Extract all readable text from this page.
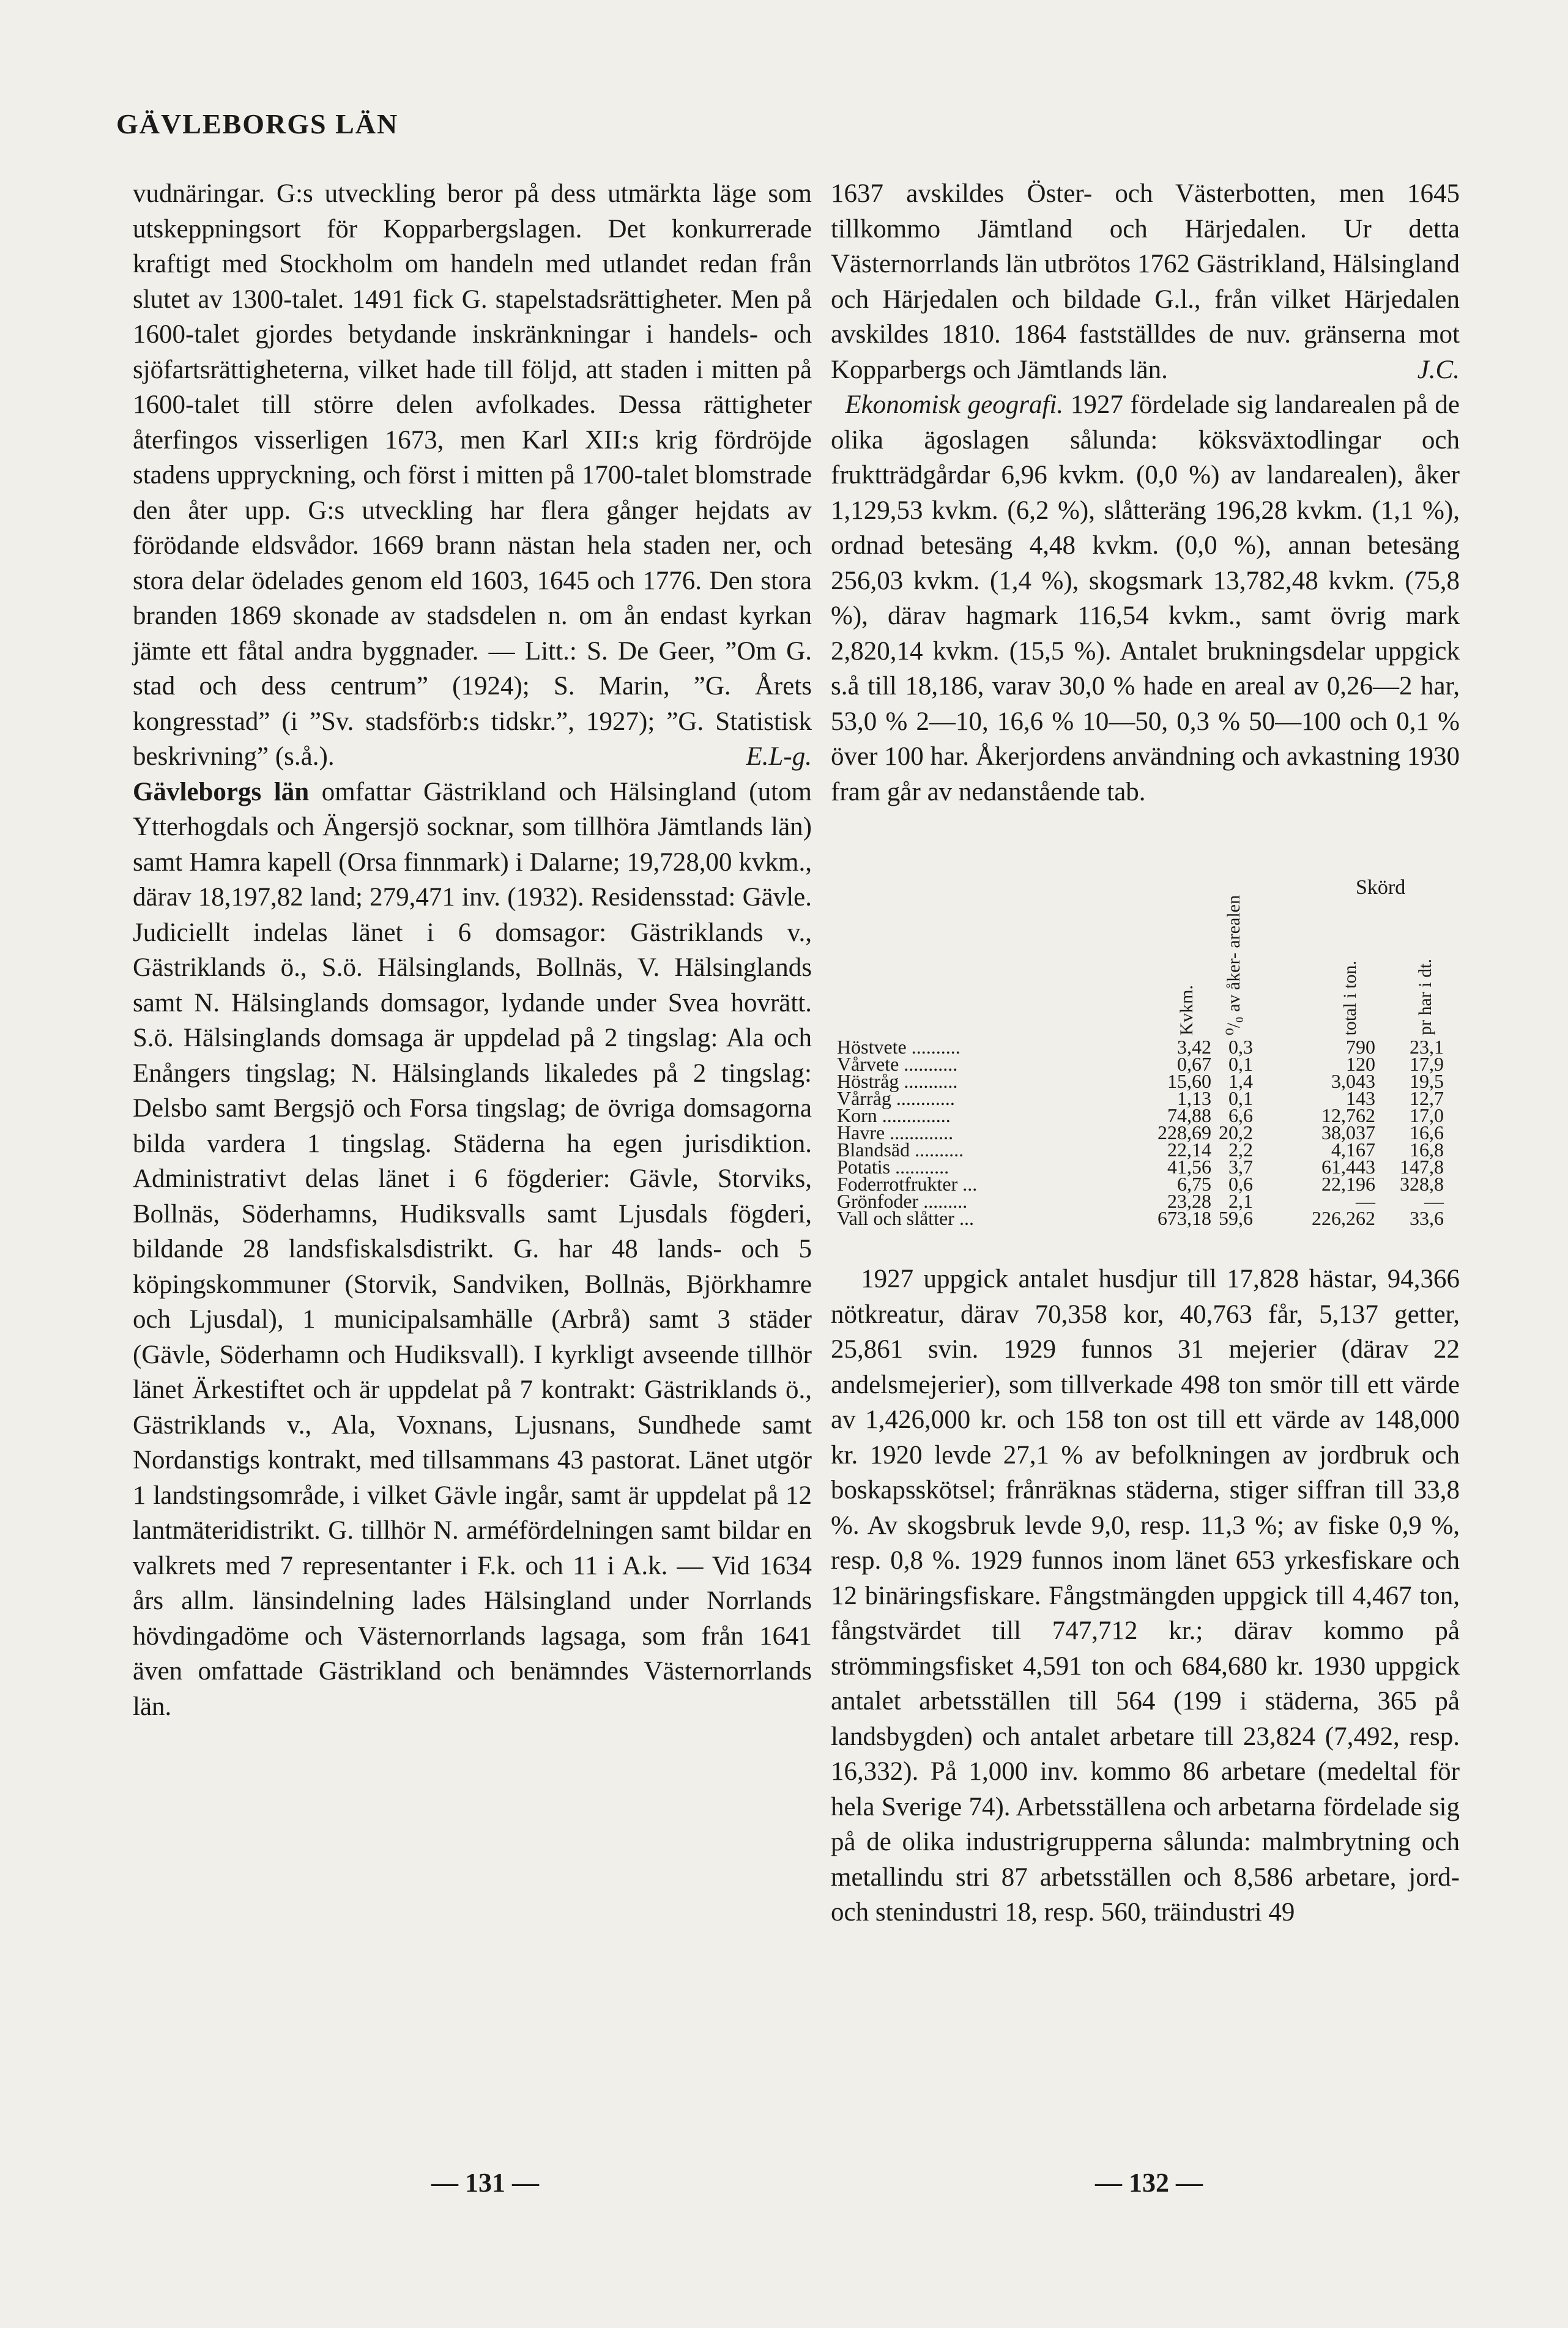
GÄVLEBORGS LÄN

vudnäringar. G:s utveckling beror på dess utmärkta läge som utskeppningsort för Kopparbergslagen. Det konkurrerade kraftigt med Stockholm om handeln med utlandet redan från slutet av 1300-talet. 1491 fick G. stapelstadsrättigheter. Men på 1600-talet gjordes betydande inskränkningar i handels- och sjöfartsrättigheterna, vilket hade till följd, att staden i mitten på 1600-talet till större delen avfolkades. Dessa rättigheter återfingos visserligen 1673, men Karl XII:s krig fördröjde stadens uppryckning, och först i mitten på 1700-talet blomstrade den åter upp. G:s utveckling har flera gånger hejdats av förödande eldsvådor. 1669 brann nästan hela staden ner, och stora delar ödelades genom eld 1603, 1645 och 1776. Den stora branden 1869 skonade av stadsdelen n. om ån endast kyrkan jämte ett fåtal andra byggnader. — Litt.: S. De Geer, ”Om G. stad och dess centrum” (1924); S. Marin, ”G. Årets kongresstad” (i ”Sv. stadsförb:s tidskr.”, 1927); ”G. Statistisk beskrivning” (s.å.).	E.L-g.

Gävleborgs län omfattar Gästrikland och Hälsingland (utom Ytterhogdals och Ängersjö socknar, som tillhöra Jämtlands län) samt Hamra kapell (Orsa finnmark) i Dalarne; 19,728,00 kvkm., därav 18,197,82 land; 279,471 inv. (1932). Residensstad: Gävle. Judiciellt indelas länet i 6 domsagor: Gästriklands v., Gästriklands ö., S.ö. Hälsinglands, Bollnäs, V. Hälsinglands samt N. Hälsinglands domsagor, lydande under Svea hovrätt. S.ö. Hälsinglands domsaga är uppdelad på 2 tingslag: Ala och Enångers tingslag; N. Hälsinglands likaledes på 2 tingslag: Delsbo samt Bergsjö och Forsa tingslag; de övriga domsagorna bilda vardera 1 tingslag. Städerna ha egen jurisdiktion. Administrativt delas länet i 6 fögderier: Gävle, Storviks, Bollnäs, Söderhamns, Hudiksvalls samt Ljusdals fögderi, bildande 28 landsfiskalsdistrikt. G. har 48 lands- och 5 köpingskommuner (Storvik, Sandviken, Bollnäs, Björkhamre och Ljusdal), 1 municipalsamhälle (Arbrå) samt 3 städer (Gävle, Söderhamn och Hudiksvall). I kyrkligt avseende tillhör länet Ärkestiftet och är uppdelat på 7 kontrakt: Gästriklands ö., Gästriklands v., Ala, Voxnans, Ljusnans, Sundhede samt Nordanstigs kontrakt, med tillsammans 43 pastorat. Länet utgör 1 landstingsområde, i vilket Gävle ingår, samt är uppdelat på 12 lantmäteridistrikt. G. tillhör N. arméfördelningen samt bildar en valkrets med 7 representanter i F.k. och 11 i A.k. — Vid 1634 års allm. länsindelning lades Hälsingland under Norrlands hövdingadöme och Västernorrlands lagsaga, som från 1641 även omfattade Gästrikland och benämndes Västernorrlands län.

1637 avskildes Öster- och Västerbotten, men 1645 tillkommo Jämtland och Härjedalen. Ur detta Västernorrlands län utbrötos 1762 Gästrikland, Hälsingland och Härjedalen och bildade G.l., från vilket Härjedalen avskildes 1810. 1864 fastställdes de nuv. gränserna mot Kopparbergs och Jämtlands län.	J.C.

Ekonomisk geografi. 1927 fördelade sig landarealen på de olika ägoslagen sålunda: köksväxtodlingar och fruktträdgårdar 6,96 kvkm. (0,0 %) av landarealen), åker 1,129,53 kvkm. (6,2 %), slåtteräng 196,28 kvkm. (1,1 %), ordnad betesäng 4,48 kvkm. (0,0 %), annan betesäng 256,03 kvkm. (1,4 %), skogsmark 13,782,48 kvkm. (75,8 %), därav hagmark 116,54 kvkm., samt övrig mark 2,820,14 kvkm. (15,5 %). Antalet brukningsdelar uppgick s.å till 18,186, varav 30,0 % hade en areal av 0,26—2 har, 53,0 % 2—10, 16,6 % 10—50, 0,3 % 50—100 och 0,1 % över 100 har. Åkerjordens användning och avkastning 1930 fram går av nedanstående tab.

Skörd
Kvkm. ⁰/₀ av åker- arealen	total i ton.	pr har i dt.
Höstvete ..........	3,42 0,3	790	23,1
Vårvete ...........	0,67 0,1	120	17,9
Höstråg ...........	15,60 1,4	3,043	19,5
Vårråg ............	1,13 0,1	143	12,7
Korn ..............	74,88 6,6	12,762	17,0
Havre .............	228,69 20,2	38,037	16,6
Blandsäd ..........	22,14 2,2	4,167	16,8
Potatis ...........	41,56 3,7	61,443	147,8
Foderrotfrukter ...	6,75 0,6	22,196	328,8
Grönfoder .........	23,28 2,1	—	—
Vall och slåtter ...	673,18 59,6	226,262	33,6

1927 uppgick antalet husdjur till 17,828 hästar, 94,366 nötkreatur, därav 70,358 kor, 40,763 får, 5,137 getter, 25,861 svin. 1929 funnos 31 mejerier (därav 22 andelsmejerier), som tillverkade 498 ton smör till ett värde av 1,426,000 kr. och 158 ton ost till ett värde av 148,000 kr. 1920 levde 27,1 % av befolkningen av jordbruk och boskapsskötsel; frånräknas städerna, stiger siffran till 33,8 %. Av skogsbruk levde 9,0, resp. 11,3 %; av fiske 0,9 %, resp. 0,8 %. 1929 funnos inom länet 653 yrkesfiskare och 12 binäringsfiskare. Fångstmängden uppgick till 4,467 ton, fångstvärdet till 747,712 kr.; därav kommo på strömmingsfisket 4,591 ton och 684,680 kr. 1930 uppgick antalet arbetsställen till 564 (199 i städerna, 365 på landsbygden) och antalet arbetare till 23,824 (7,492, resp. 16,332). På 1,000 inv. kommo 86 arbetare (medeltal för hela Sverige 74). Arbetsställena och arbetarna fördelade sig på de olika industrigrupperna sålunda: malmbrytning och metallindu stri 87 arbetsställen och 8,586 arbetare, jord- och stenindustri 18, resp. 560, träindustri 49

— 131 —	— 132 —
